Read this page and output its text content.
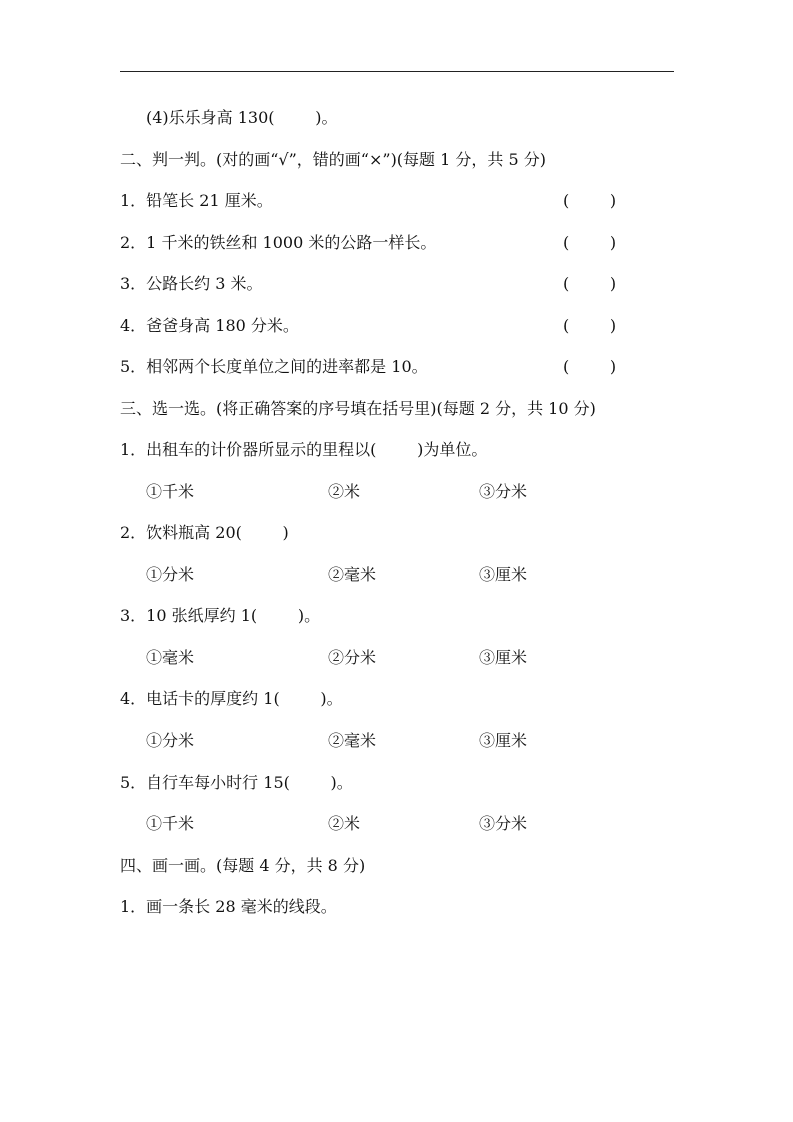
(4)乐乐身高 130(        )。
二、判一判。(对的画“√”，错的画“×”)(每题 1 分，共 5 分)
1．铅笔长 21 厘米。	(        )
2．1 千米的铁丝和 1000 米的公路一样长。	(        )
3．公路长约 3 米。	(        )
4．爸爸身高 180 分米。	(        )
5．相邻两个长度单位之间的进率都是 10。	(        )
三、选一选。(将正确答案的序号填在括号里)(每题 2 分，共 10 分)
1．出租车的计价器所显示的里程以(        )为单位。
①千米	②米	③分米
2．饮料瓶高 20(        )
①分米	②毫米	③厘米
3．10 张纸厚约 1(        )。
①毫米	②分米	③厘米
4．电话卡的厚度约 1(        )。
①分米	②毫米	③厘米
5．自行车每小时行 15(        )。
①千米	②米	③分米
四、画一画。(每题 4 分，共 8 分)
1．画一条长 28 毫米的线段。
